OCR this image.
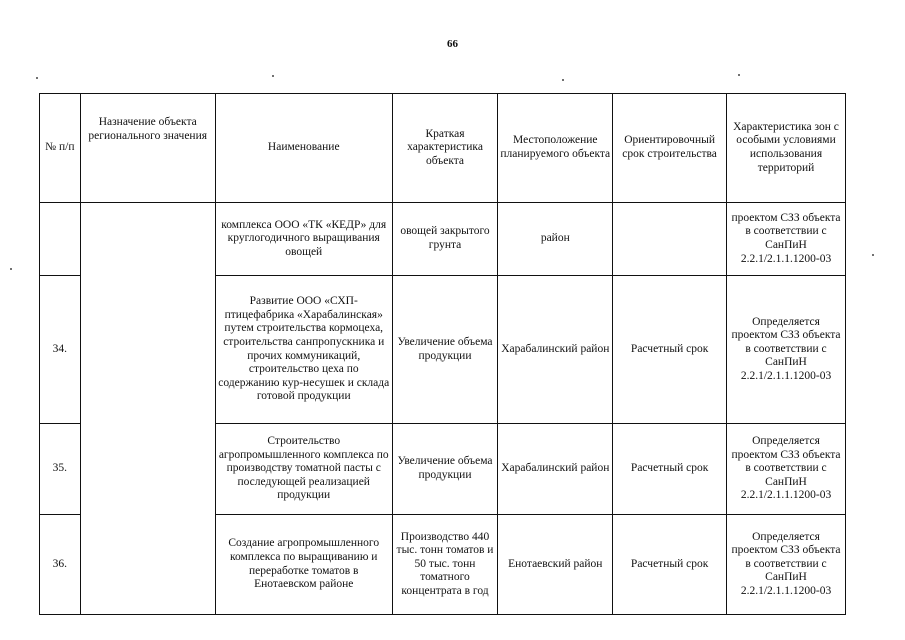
66
№ п/п	Назначение объекта регионального значения	Наименование	Краткая характеристика объекта	Местоположение планируемого объекта	Ориентировочный срок строительства	Характеристика зон с особыми условиями использования территорий
		комплекса ООО «ТК «КЕДР» для круглогодичного выращивания овощей	овощей закрытого грунта	район		проектом СЗЗ объекта в соответствии с СанПиН 2.2.1/2.1.1.1200-03
34.		Развитие ООО «СХП-птицефабрика «Харабалинская» путем строительства кормоцеха, строительства санпропускника и прочих коммуникаций, строительство цеха по содержанию кур-несушек и склада готовой продукции	Увеличение объема продукции	Харабалинский район	Расчетный срок	Определяется проектом СЗЗ объекта в соответствии с СанПиН 2.2.1/2.1.1.1200-03
35.		Строительство агропромышленного комплекса по производству томатной пасты с последующей реализацией продукции	Увеличение объема продукции	Харабалинский район	Расчетный срок	Определяется проектом СЗЗ объекта в соответствии с СанПиН 2.2.1/2.1.1.1200-03
36.		Создание агропромышленного комплекса по выращиванию и переработке томатов в Енотаевском районе	Производство 440 тыс. тонн томатов и 50 тыс. тонн томатного концентрата в год	Енотаевский район	Расчетный срок	Определяется проектом СЗЗ объекта в соответствии с СанПиН 2.2.1/2.1.1.1200-03
